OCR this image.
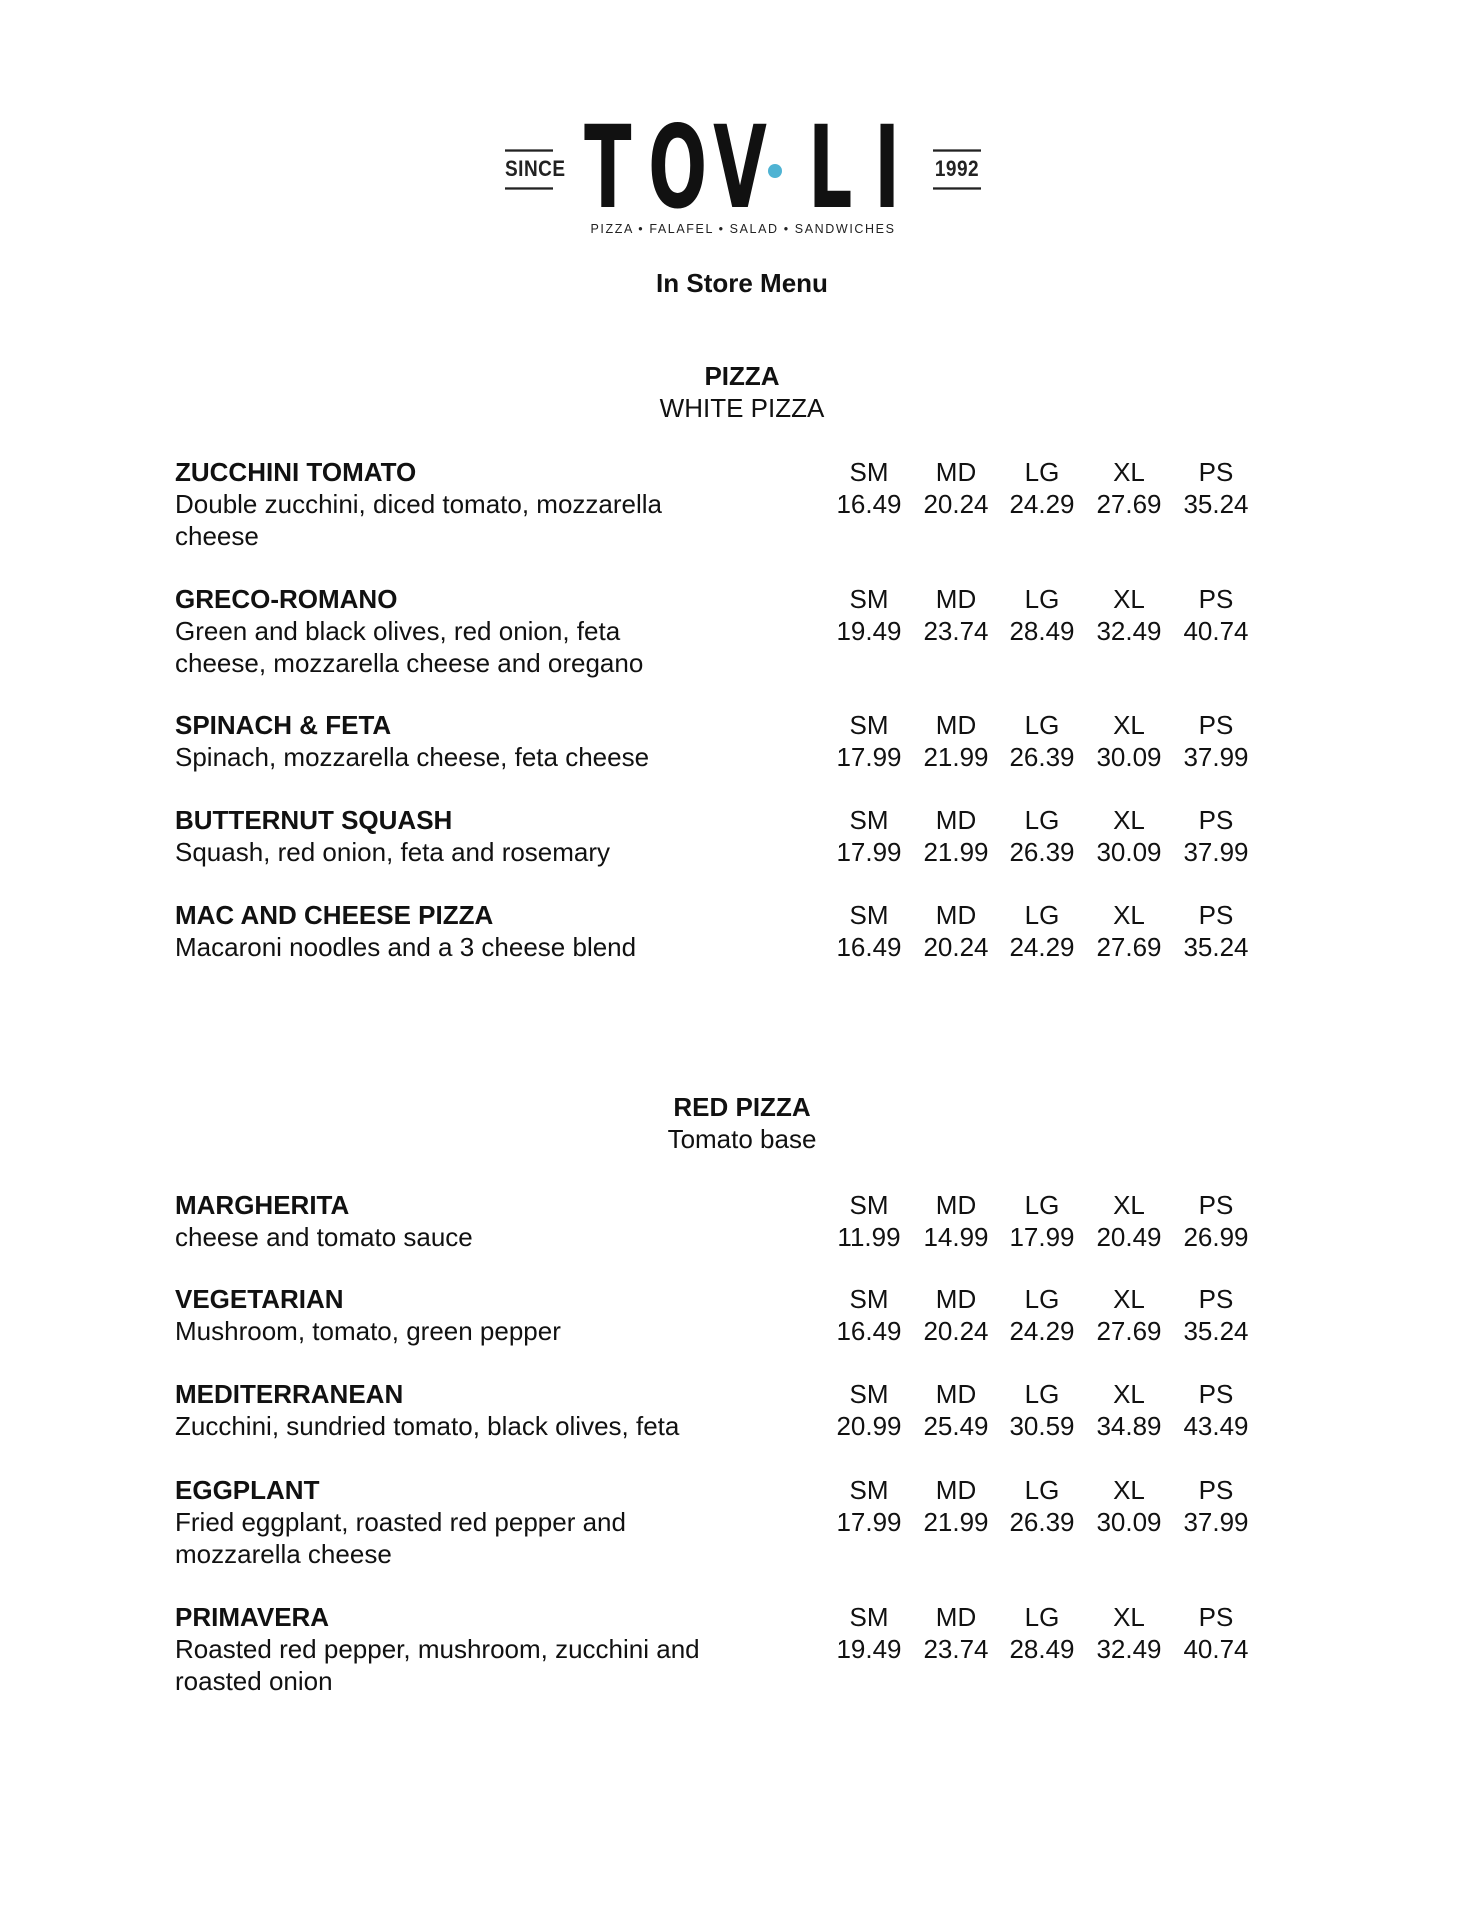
SINCE T O V L I 1992
PIZZA • FALAFEL • SALAD • SANDWICHES
In Store Menu
PIZZA
WHITE PIZZA
ZUCCHINI TOMATO
Double zucchini, diced tomato, mozzarella cheese
SM
16.49
MD
20.24
LG
24.29
XL
27.69
PS
35.24
GRECO-ROMANO
Green and black olives, red onion, feta cheese, mozzarella cheese and oregano
SM
19.49
MD
23.74
LG
28.49
XL
32.49
PS
40.74
SPINACH & FETA
Spinach, mozzarella cheese, feta cheese
SM
17.99
MD
21.99
LG
26.39
XL
30.09
PS
37.99
BUTTERNUT SQUASH
Squash, red onion, feta and rosemary
SM
17.99
MD
21.99
LG
26.39
XL
30.09
PS
37.99
MAC AND CHEESE PIZZA
Macaroni noodles and a 3 cheese blend
SM
16.49
MD
20.24
LG
24.29
XL
27.69
PS
35.24
RED PIZZA
Tomato base
MARGHERITA
cheese and tomato sauce
SM
11.99
MD
14.99
LG
17.99
XL
20.49
PS
26.99
VEGETARIAN
Mushroom, tomato, green pepper
SM
16.49
MD
20.24
LG
24.29
XL
27.69
PS
35.24
MEDITERRANEAN
Zucchini, sundried tomato, black olives, feta
SM
20.99
MD
25.49
LG
30.59
XL
34.89
PS
43.49
EGGPLANT
Fried eggplant, roasted red pepper and mozzarella cheese
SM
17.99
MD
21.99
LG
26.39
XL
30.09
PS
37.99
PRIMAVERA
Roasted red pepper, mushroom, zucchini and roasted onion
SM
19.49
MD
23.74
LG
28.49
XL
32.49
PS
40.74
